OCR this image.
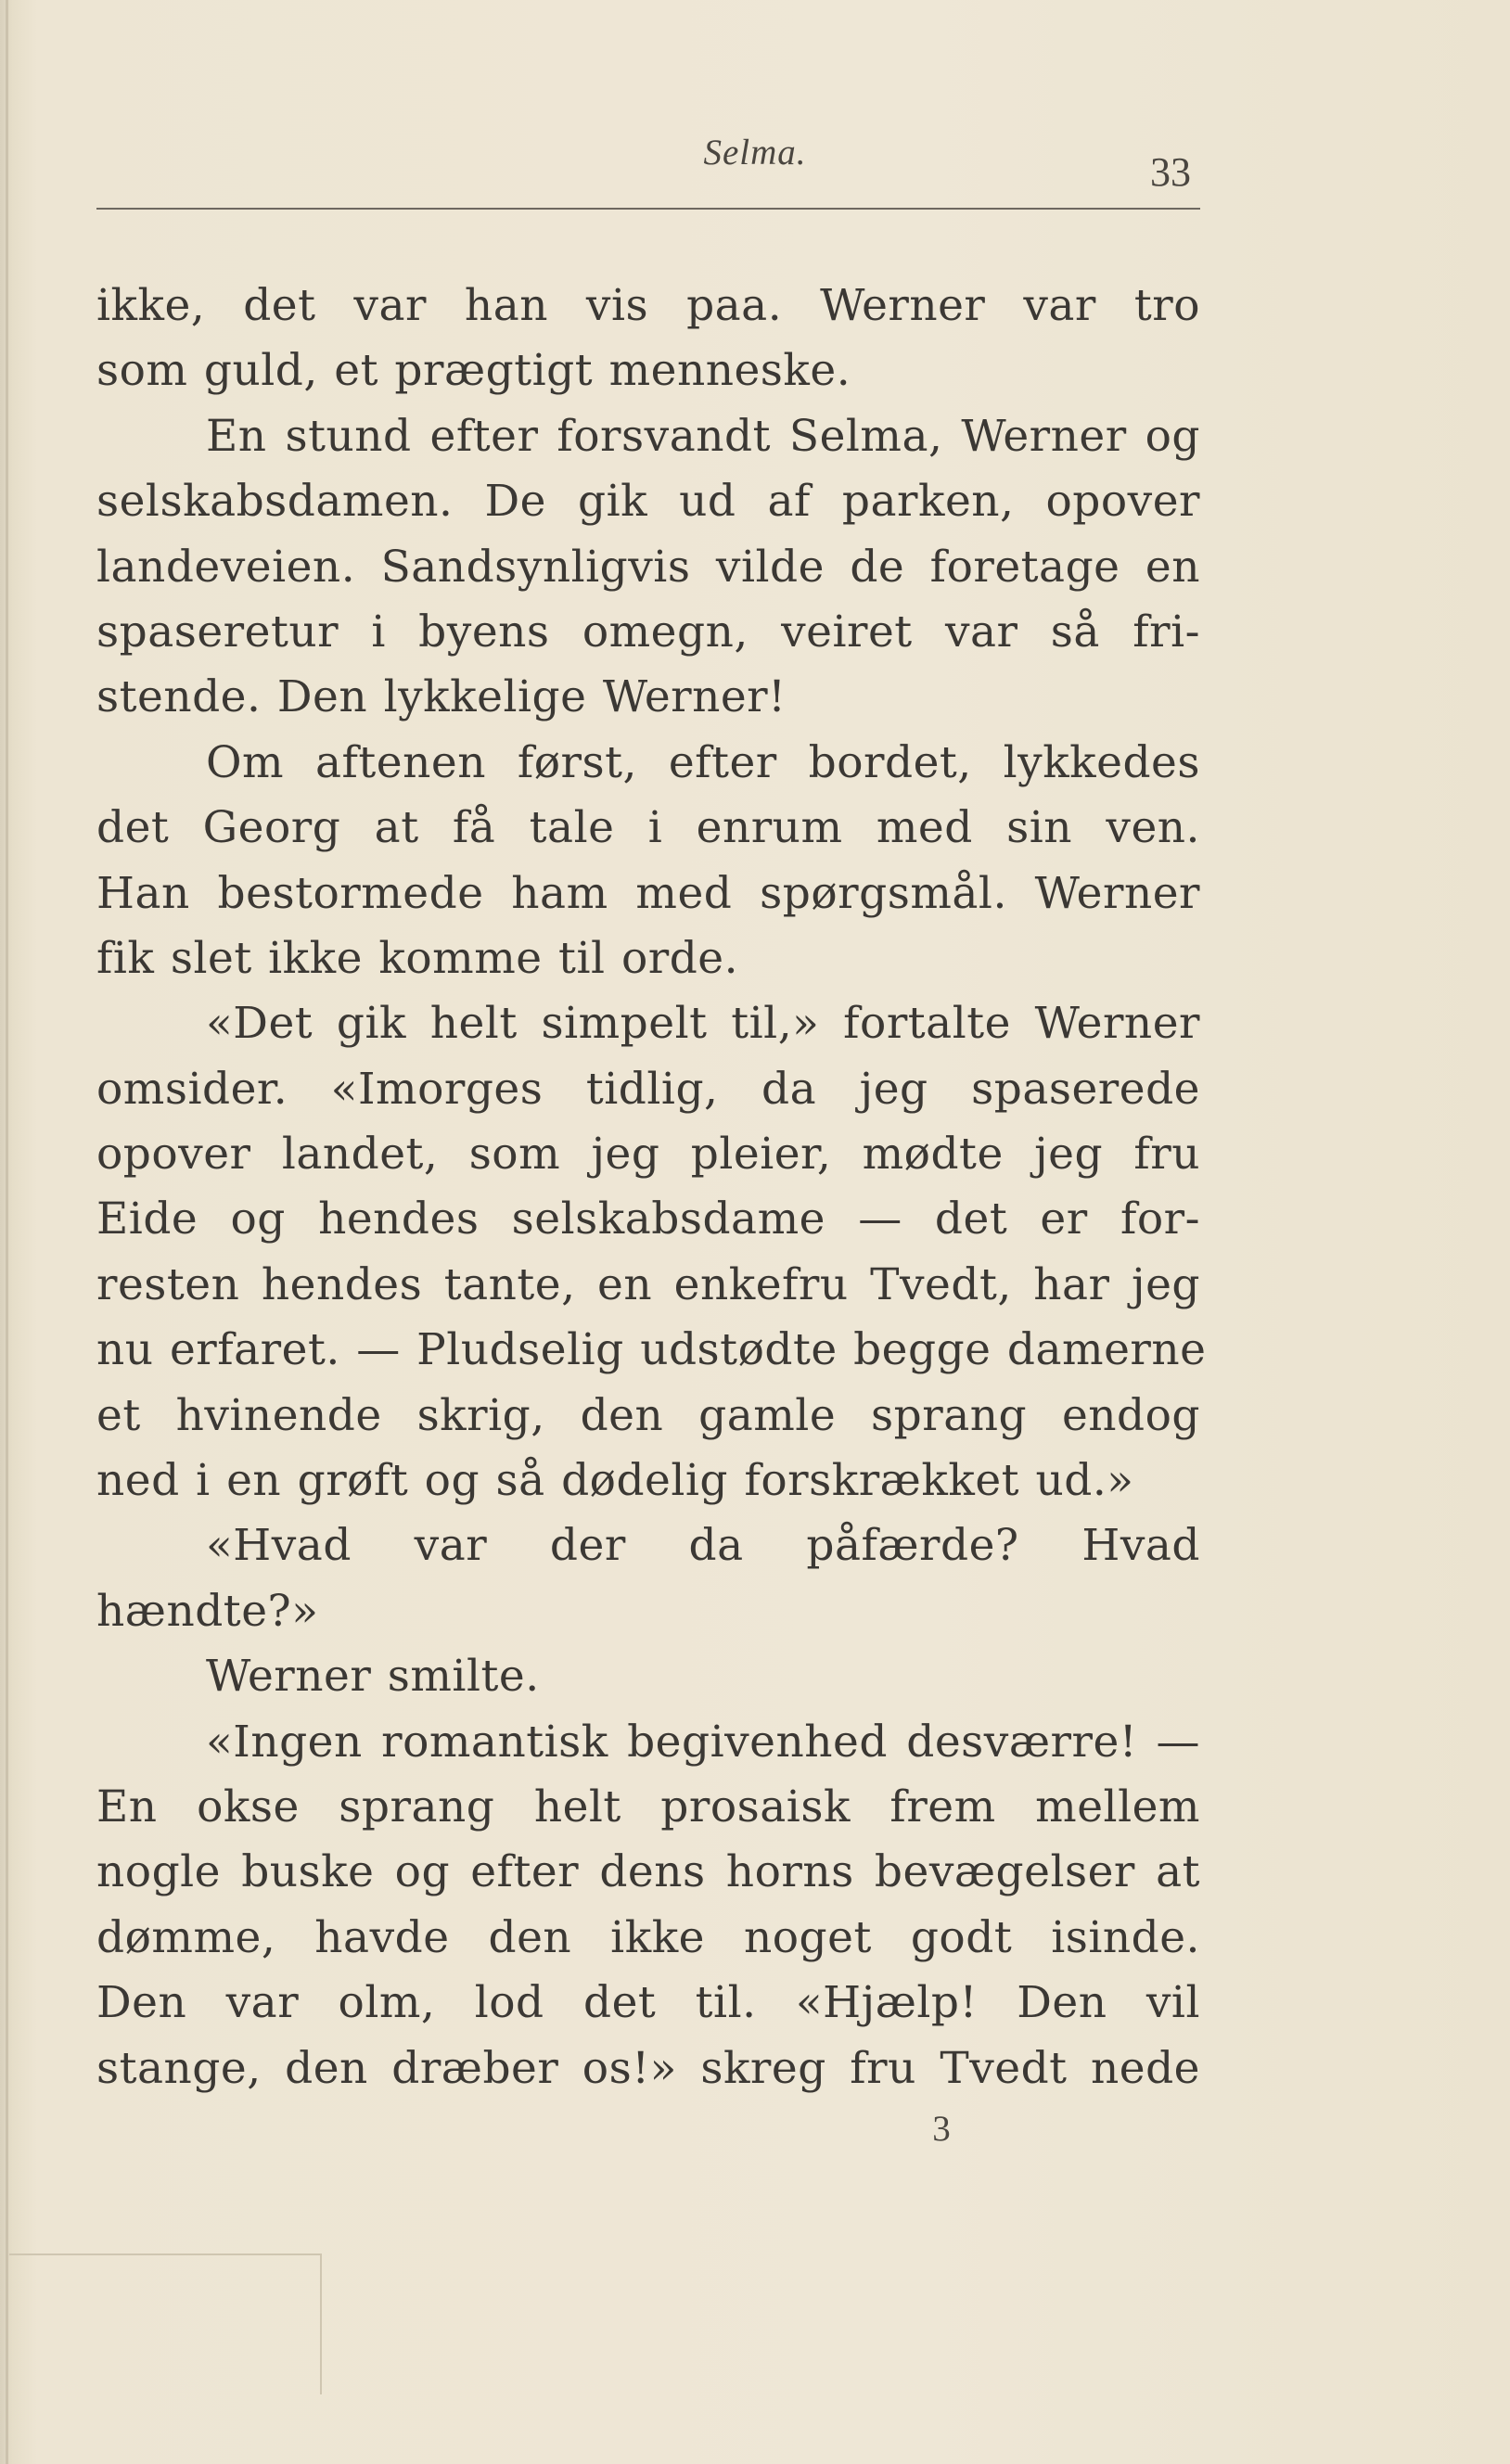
Selma.	33
ikke, det var han vis paa. Werner var tro
som guld, et prægtigt menneske.
En stund efter forsvandt Selma, Werner og
selskabsdamen. De gik ud af parken, opover
landeveien. Sandsynligvis vilde de foretage en
spaseretur i byens omegn, veiret var så fri-
stende. Den lykkelige Werner!
Om aftenen først, efter bordet, lykkedes
det Georg at få tale i enrum med sin ven.
Han bestormede ham med spørgsmål. Werner
fik slet ikke komme til orde.
«Det gik helt simpelt til,» fortalte Werner
omsider. «Imorges tidlig, da jeg spaserede
opover landet, som jeg pleier, mødte jeg fru
Eide og hendes selskabsdame — det er for-
resten hendes tante, en enkefru Tvedt, har jeg
nu erfaret. — Pludselig udstødte begge damerne
et hvinende skrig, den gamle sprang endog
ned i en grøft og så dødelig forskrækket ud.»
«Hvad var der da påfærde? Hvad
hændte?»
Werner smilte.
«Ingen romantisk begivenhed desværre! —
En okse sprang helt prosaisk frem mellem
nogle buske og efter dens horns bevægelser at
dømme, havde den ikke noget godt isinde.
Den var olm, lod det til. «Hjælp! Den vil
stange, den dræber os!» skreg fru Tvedt nede
3
